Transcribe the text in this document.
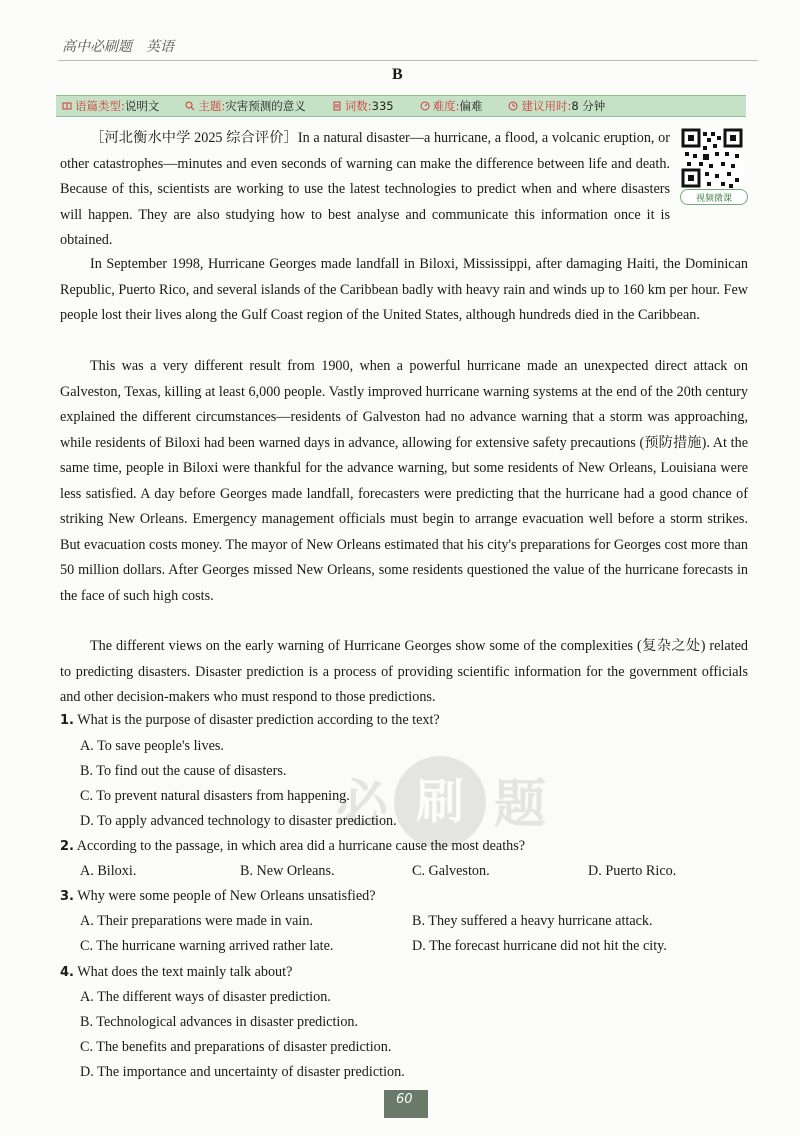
高中必刷题　英语
B
语篇类型: 说明文	主题: 灾害预测的意义	词数: 335	难度: 偏难	建议用时: 8 分钟
视频微课
［河北衡水中学 2025 综合评价］In a natural disaster—a hurricane, a flood, a volcanic eruption, or other catastrophes—minutes and even seconds of warning can make the difference between life and death. Because of this, scientists are working to use the latest technologies to predict when and where disasters will happen. They are also studying how to best analyse and communicate this information once it is obtained.
In September 1998, Hurricane Georges made landfall in Biloxi, Mississippi, after damaging Haiti, the Dominican Republic, Puerto Rico, and several islands of the Caribbean badly with heavy rain and winds up to 160 km per hour. Few people lost their lives along the Gulf Coast region of the United States, although hundreds died in the Caribbean.
This was a very different result from 1900, when a powerful hurricane made an unexpected direct attack on Galveston, Texas, killing at least 6,000 people. Vastly improved hurricane warning systems at the end of the 20th century explained the different circumstances—residents of Galveston had no advance warning that a storm was approaching, while residents of Biloxi had been warned days in advance, allowing for extensive safety precautions (预防措施). At the same time, people in Biloxi were thankful for the advance warning, but some residents of New Orleans, Louisiana were less satisfied. A day before Georges made landfall, forecasters were predicting that the hurricane had a good chance of striking New Orleans. Emergency management officials must begin to arrange evacuation well before a storm strikes. But evacuation costs money. The mayor of New Orleans estimated that his city's preparations for Georges cost more than 50 million dollars. After Georges missed New Orleans, some residents questioned the value of the hurricane forecasts in the face of such high costs.
The different views on the early warning of Hurricane Georges show some of the complexities (复杂之处) related to predicting disasters. Disaster prediction is a process of providing scientific information for the government officials and other decision-makers who must respond to those predictions.
刷
必 题
1. What is the purpose of disaster prediction according to the text?
A. To save people's lives.
B. To find out the cause of disasters.
C. To prevent natural disasters from happening.
D. To apply advanced technology to disaster prediction.
2. According to the passage, in which area did a hurricane cause the most deaths?
A. Biloxi.	B. New Orleans.	C. Galveston.	D. Puerto Rico.
3. Why were some people of New Orleans unsatisfied?
A. Their preparations were made in vain.	B. They suffered a heavy hurricane attack.
C. The hurricane warning arrived rather late.	D. The forecast hurricane did not hit the city.
4. What does the text mainly talk about?
A. The different ways of disaster prediction.
B. Technological advances in disaster prediction.
C. The benefits and preparations of disaster prediction.
D. The importance and uncertainty of disaster prediction.
60
